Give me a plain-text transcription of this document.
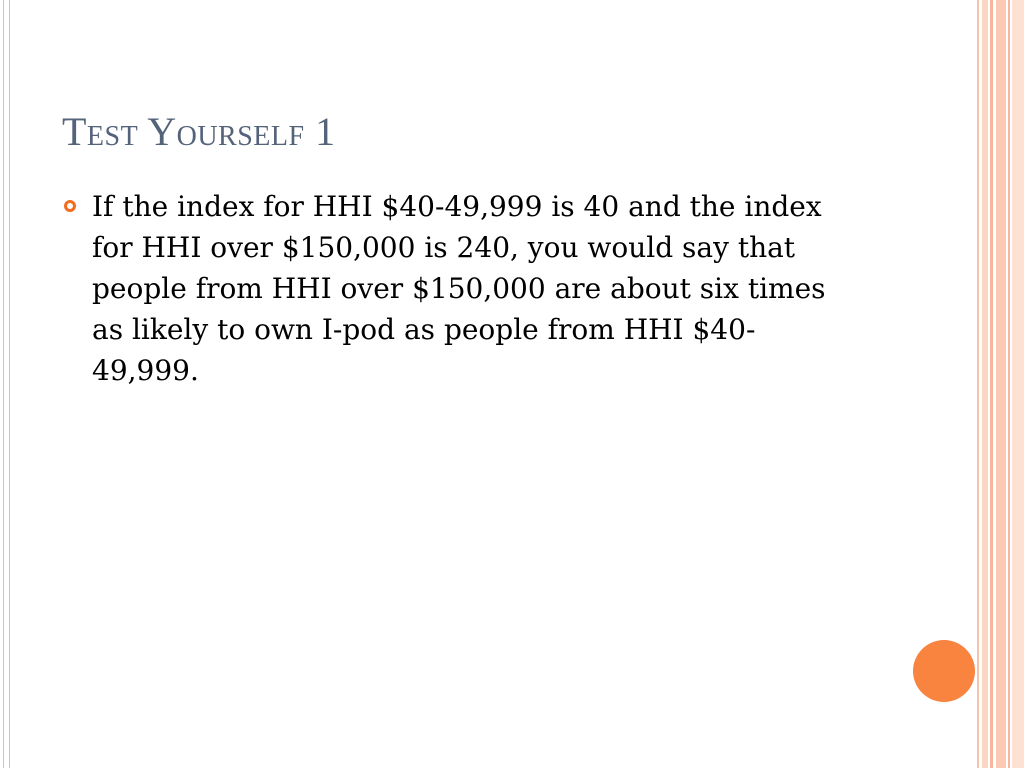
Test Yourself 1
If the index for HHI $40-49,999 is 40 and the index for HHI over $150,000 is 240, you would say that people from HHI over $150,000 are about six times as likely to own I-pod as people from HHI $40-49,999.
